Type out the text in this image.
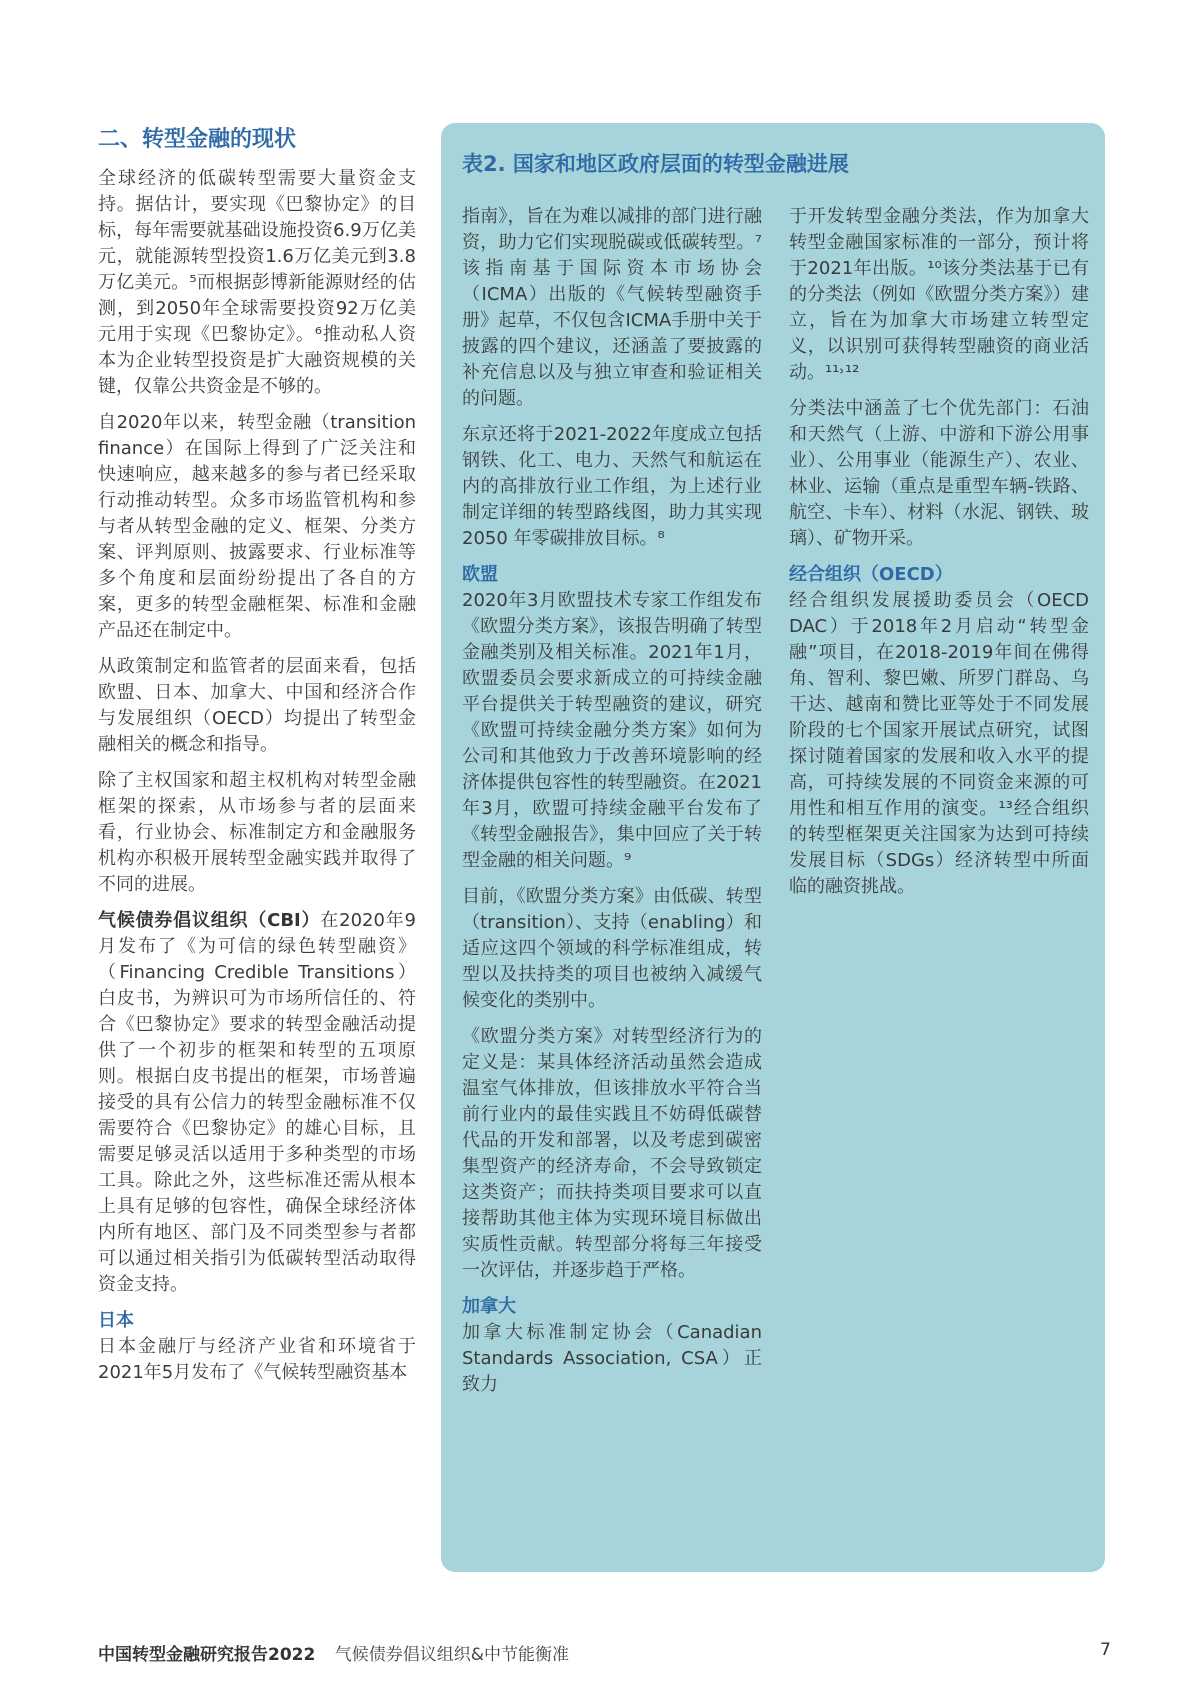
二、转型金融的现状

全球经济的低碳转型需要大量资金支持。据估计，要实现《巴黎协定》的目标，每年需要就基础设施投资6.9万亿美元，就能源转型投资1.6万亿美元到3.8万亿美元。⁵而根据彭博新能源财经的估测，到2050年全球需要投资92万亿美元用于实现《巴黎协定》。⁶推动私人资本为企业转型投资是扩大融资规模的关键，仅靠公共资金是不够的。

自2020年以来，转型金融（transition finance）在国际上得到了广泛关注和快速响应，越来越多的参与者已经采取行动推动转型。众多市场监管机构和参与者从转型金融的定义、框架、分类方案、评判原则、披露要求、行业标准等多个角度和层面纷纷提出了各自的方案，更多的转型金融框架、标准和金融产品还在制定中。

从政策制定和监管者的层面来看，包括欧盟、日本、加拿大、中国和经济合作与发展组织（OECD）均提出了转型金融相关的概念和指导。

除了主权国家和超主权机构对转型金融框架的探索，从市场参与者的层面来看，行业协会、标准制定方和金融服务机构亦积极开展转型金融实践并取得了不同的进展。

气候债券倡议组织（CBI）在2020年9月发布了《为可信的绿色转型融资》（Financing Credible Transitions）白皮书，为辨识可为市场所信任的、符合《巴黎协定》要求的转型金融活动提供了一个初步的框架和转型的五项原则。根据白皮书提出的框架，市场普遍接受的具有公信力的转型金融标准不仅需要符合《巴黎协定》的雄心目标，且需要足够灵活以适用于多种类型的市场工具。除此之外，这些标准还需从根本上具有足够的包容性，确保全球经济体内所有地区、部门及不同类型参与者都可以通过相关指引为低碳转型活动取得资金支持。

日本

日本金融厅与经济产业省和环境省于2021年5月发布了《气候转型融资基本

表2. 国家和地区政府层面的转型金融进展

指南》，旨在为难以减排的部门进行融资，助力它们实现脱碳或低碳转型。⁷该指南基于国际资本市场协会（ICMA）出版的《气候转型融资手册》起草，不仅包含ICMA手册中关于披露的四个建议，还涵盖了要披露的补充信息以及与独立审查和验证相关的问题。

东京还将于2021-2022年度成立包括钢铁、化工、电力、天然气和航运在内的高排放行业工作组，为上述行业制定详细的转型路线图，助力其实现2050 年零碳排放目标。⁸

欧盟

2020年3月欧盟技术专家工作组发布《欧盟分类方案》，该报告明确了转型金融类别及相关标准。2021年1月，欧盟委员会要求新成立的可持续金融平台提供关于转型融资的建议，研究《欧盟可持续金融分类方案》如何为公司和其他致力于改善环境影响的经济体提供包容性的转型融资。在2021年3月，欧盟可持续金融平台发布了《转型金融报告》，集中回应了关于转型金融的相关问题。⁹

目前，《欧盟分类方案》由低碳、转型（transition）、支持（enabling）和适应这四个领域的科学标准组成，转型以及扶持类的项目也被纳入减缓气候变化的类别中。

《欧盟分类方案》对转型经济行为的定义是：某具体经济活动虽然会造成温室气体排放，但该排放水平符合当前行业内的最佳实践且不妨碍低碳替代品的开发和部署，以及考虑到碳密集型资产的经济寿命，不会导致锁定这类资产；而扶持类项目要求可以直接帮助其他主体为实现环境目标做出实质性贡献。转型部分将每三年接受一次评估，并逐步趋于严格。

加拿大

加拿大标准制定协会（Canadian Standards Association, CSA）正致力

于开发转型金融分类法，作为加拿大转型金融国家标准的一部分，预计将于2021年出版。¹⁰该分类法基于已有的分类法（例如《欧盟分类方案》）建立，旨在为加拿大市场建立转型定义，以识别可获得转型融资的商业活动。¹¹˒¹²

分类法中涵盖了七个优先部门：石油和天然气（上游、中游和下游公用事业）、公用事业（能源生产）、农业、林业、运输（重点是重型车辆-铁路、航空、卡车）、材料（水泥、钢铁、玻璃）、矿物开采。

经合组织（OECD）

经合组织发展援助委员会（OECD DAC）于2018年2月启动“转型金融”项目，在2018-2019年间在佛得角、智利、黎巴嫩、所罗门群岛、乌干达、越南和赞比亚等处于不同发展阶段的七个国家开展试点研究，试图探讨随着国家的发展和收入水平的提高，可持续发展的不同资金来源的可用性和相互作用的演变。¹³经合组织的转型框架更关注国家为达到可持续发展目标（SDGs）经济转型中所面临的融资挑战。

中国转型金融研究报告2022 气候债券倡议组织&中节能衡准	7
